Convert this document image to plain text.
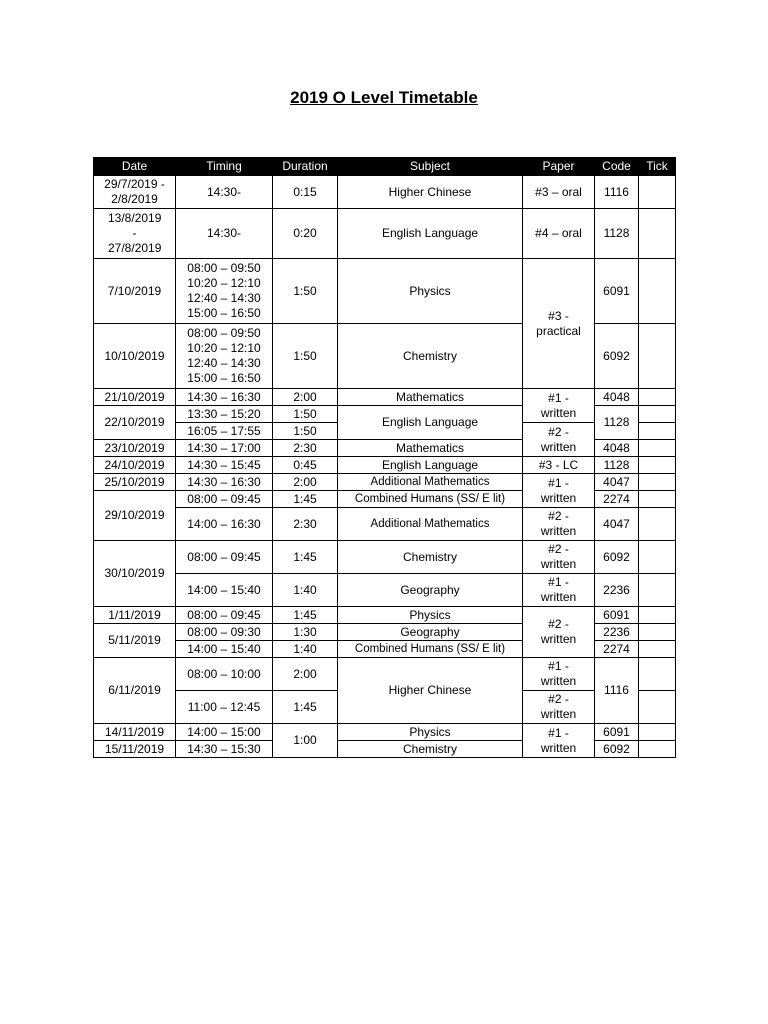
2019 O Level Timetable
Date	Timing	Duration	Subject	Paper	Code	Tick
29/7/2019 - 2/8/2019	14:30-	0:15	Higher Chinese	#3 – oral	1116	
13/8/2019 - 27/8/2019	14:30-	0:20	English Language	#4 – oral	1128	
7/10/2019	08:00 – 09:50 10:20 – 12:10 12:40 – 14:30 15:00 – 16:50	1:50	Physics	#3 - practical	6091	
10/10/2019	08:00 – 09:50 10:20 – 12:10 12:40 – 14:30 15:00 – 16:50	1:50	Chemistry		6092	
21/10/2019	14:30 – 16:30	2:00	Mathematics	#1 - written	4048	
22/10/2019	13:30 – 15:20	1:50	English Language		1128	
	16:05 – 17:55	1:50		#2 - written		
23/10/2019	14:30 – 17:00	2:30	Mathematics		4048	
24/10/2019	14:30 – 15:45	0:45	English Language	#3 - LC	1128	
25/10/2019	14:30 – 16:30	2:00	Additional Mathematics	#1 - written	4047	
29/10/2019	08:00 – 09:45	1:45	Combined Humans (SS/ E lit)		2274	
	14:00 – 16:30	2:30	Additional Mathematics	#2 - written	4047	
30/10/2019	08:00 – 09:45	1:45	Chemistry	#2 - written	6092	
	14:00 – 15:40	1:40	Geography	#1 - written	2236	
1/11/2019	08:00 – 09:45	1:45	Physics	#2 - written	6091	
5/11/2019	08:00 – 09:30	1:30	Geography		2236	
	14:00 – 15:40	1:40	Combined Humans (SS/ E lit)		2274	
6/11/2019	08:00 – 10:00	2:00	Higher Chinese	#1 - written	1116	
	11:00 – 12:45	1:45		#2 - written		
14/11/2019	14:00 – 15:00	1:00	Physics	#1 - written	6091	
15/11/2019	14:30 – 15:30		Chemistry		6092	
